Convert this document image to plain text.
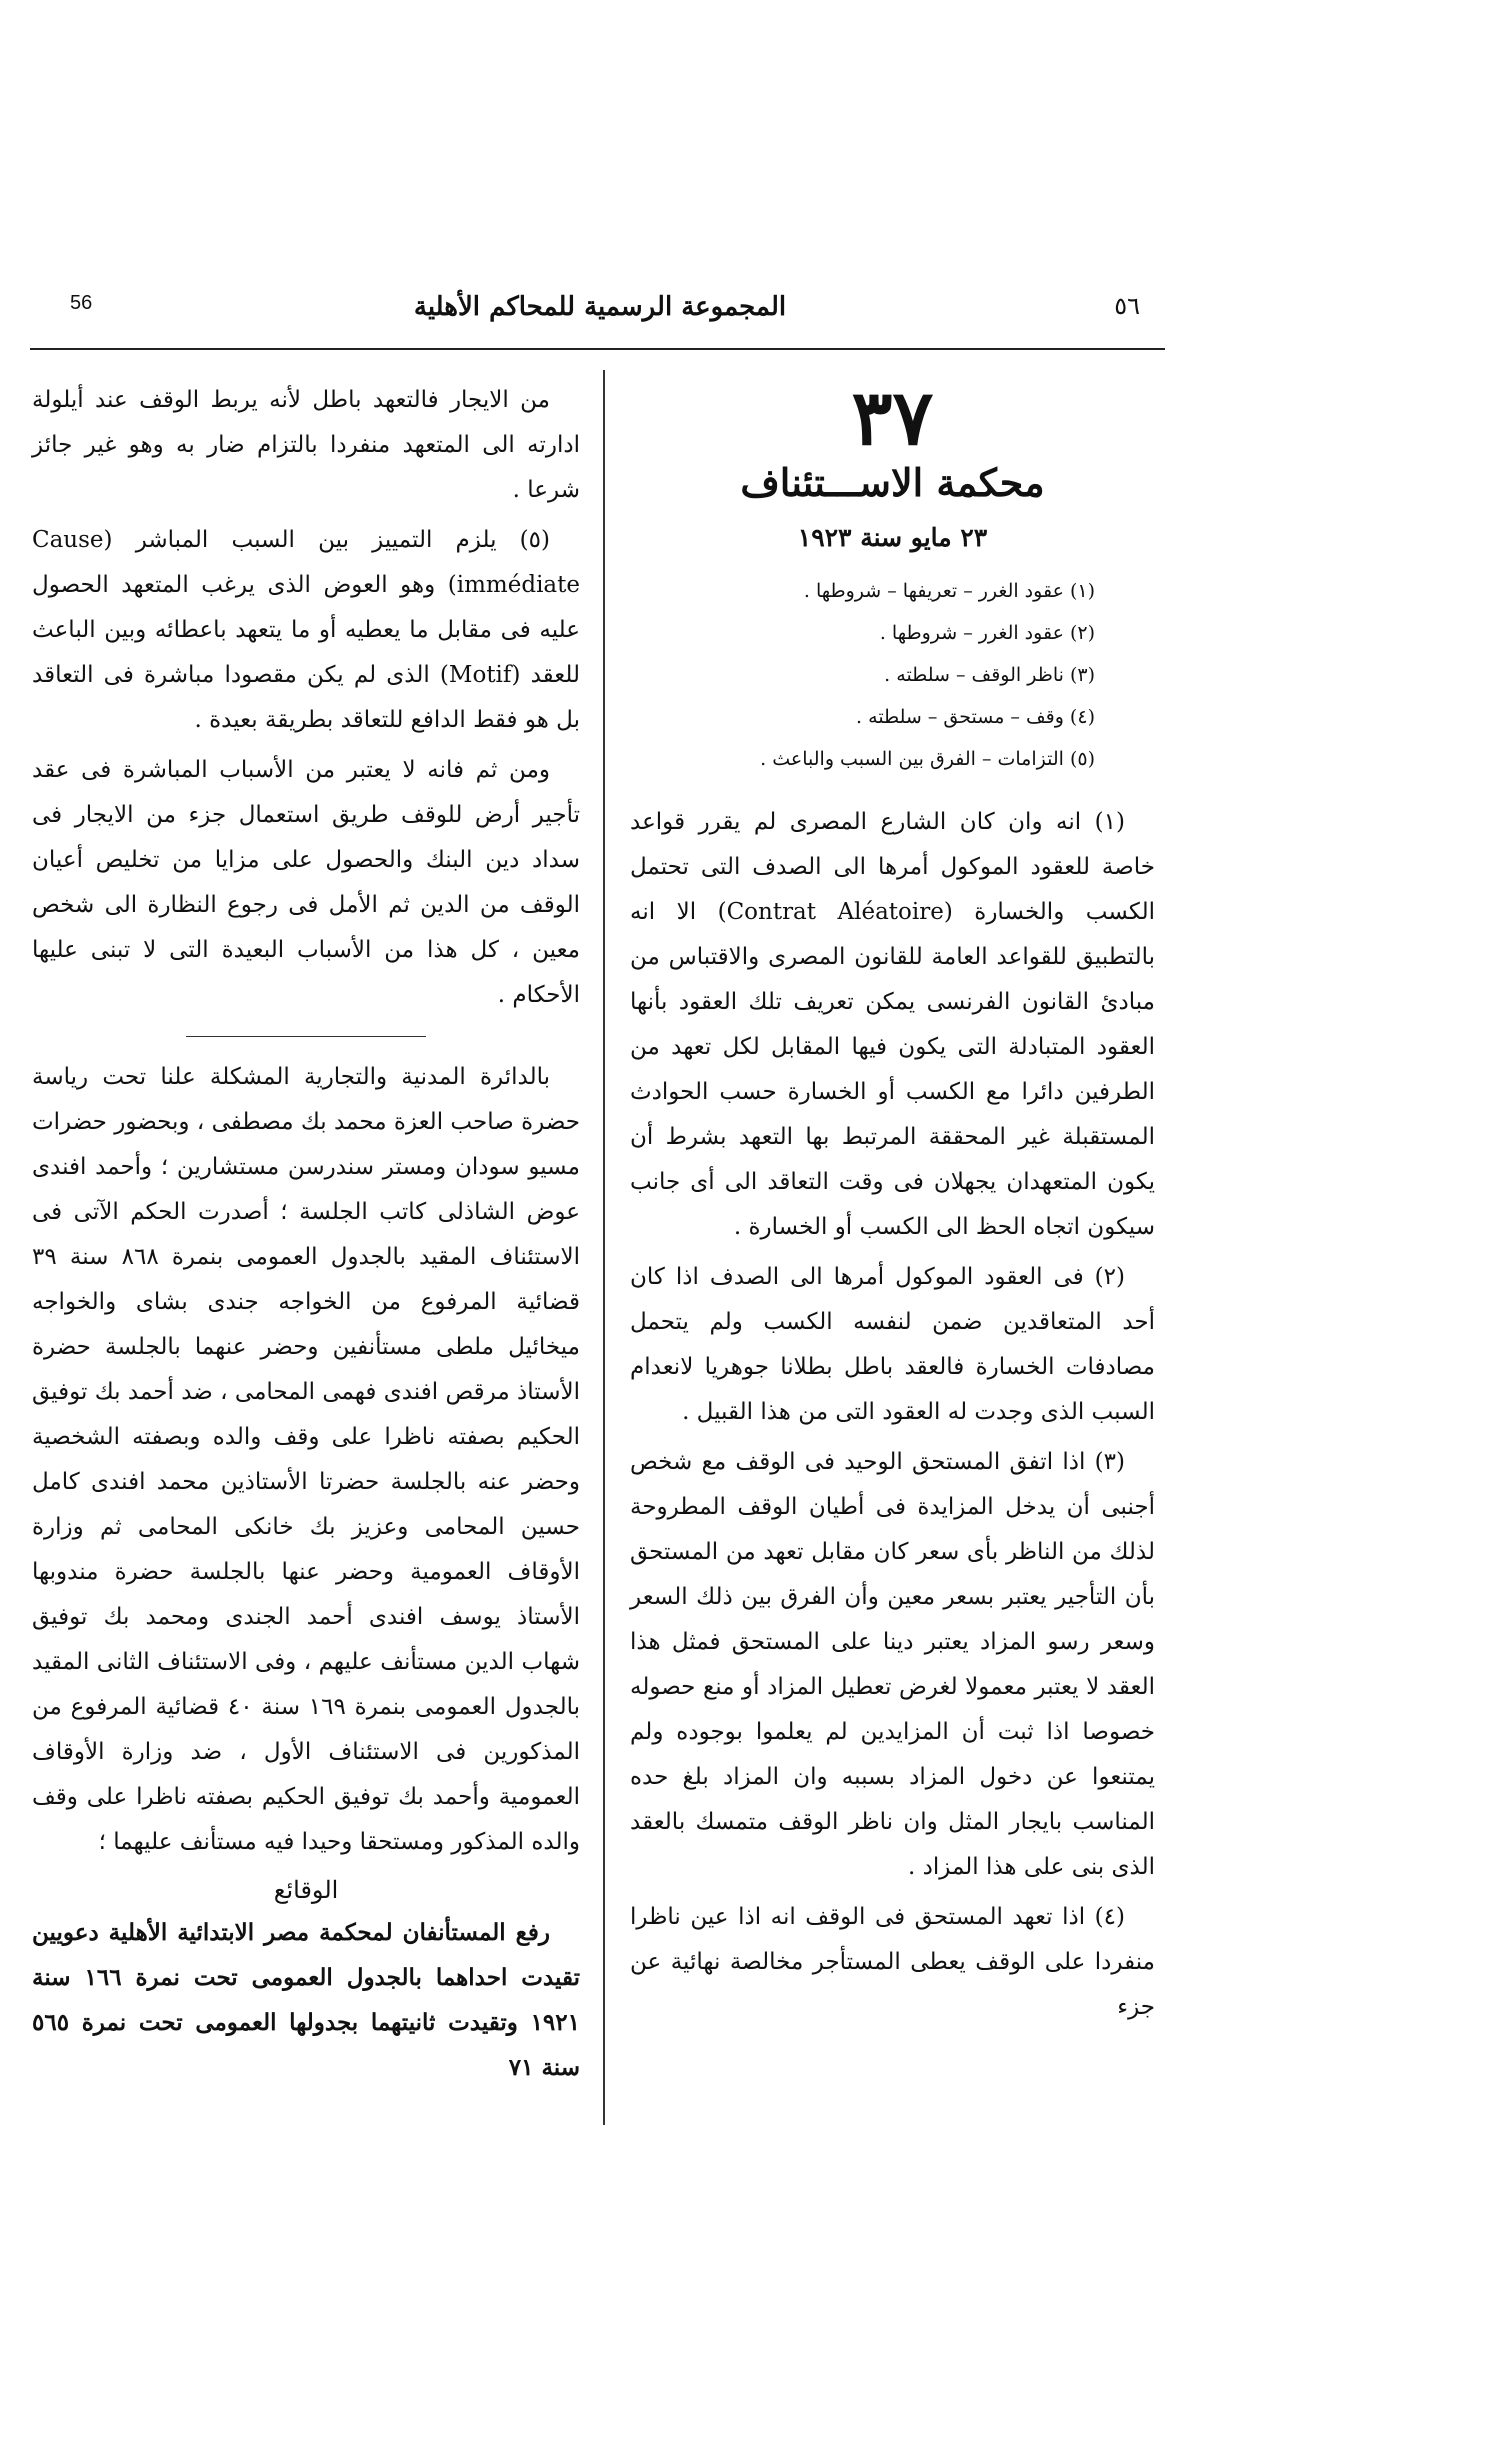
56	المجموعة الرسمية للمحاكم الأهلية	٥٦
٣٧
محكمة الاســـتئناف
٢٣ مايو سنة ١٩٢٣
(١) عقود الغرر – تعريفها – شروطها .
(٢) عقود الغرر – شروطها .
(٣) ناظر الوقف – سلطته .
(٤) وقف – مستحق – سلطته .
(٥) التزامات – الفرق بين السبب والباعث .

(١) انه وان كان الشارع المصرى لم يقرر قواعد خاصة للعقود الموكول أمرها الى الصدف التى تحتمل الكسب والخسارة (Contrat Aléatoire) الا انه بالتطبيق للقواعد العامة للقانون المصرى والاقتباس من مبادئ القانون الفرنسى يمكن تعريف تلك العقود بأنها العقود المتبادلة التى يكون فيها المقابل لكل تعهد من الطرفين دائرا مع الكسب أو الخسارة حسب الحوادث المستقبلة غير المحققة المرتبط بها التعهد بشرط أن يكون المتعهدان يجهلان فى وقت التعاقد الى أى جانب سيكون اتجاه الحظ الى الكسب أو الخسارة .

(٢) فى العقود الموكول أمرها الى الصدف اذا كان أحد المتعاقدين ضمن لنفسه الكسب ولم يتحمل مصادفات الخسارة فالعقد باطل بطلانا جوهريا لانعدام السبب الذى وجدت له العقود التى من هذا القبيل .

(٣) اذا اتفق المستحق الوحيد فى الوقف مع شخص أجنبى أن يدخل المزايدة فى أطيان الوقف المطروحة لذلك من الناظر بأى سعر كان مقابل تعهد من المستحق بأن التأجير يعتبر بسعر معين وأن الفرق بين ذلك السعر وسعر رسو المزاد يعتبر دينا على المستحق فمثل هذا العقد لا يعتبر معمولا لغرض تعطيل المزاد أو منع حصوله خصوصا اذا ثبت أن المزايدين لم يعلموا بوجوده ولم يمتنعوا عن دخول المزاد بسببه وان المزاد بلغ حده المناسب بايجار المثل وان ناظر الوقف متمسك بالعقد الذى بنى على هذا المزاد .

(٤) اذا تعهد المستحق فى الوقف انه اذا عين ناظرا منفردا على الوقف يعطى المستأجر مخالصة نهائية عن جزء

من الايجار فالتعهد باطل لأنه يربط الوقف عند أيلولة ادارته الى المتعهد منفردا بالتزام ضار به وهو غير جائز شرعا .

(٥) يلزم التمييز بين السبب المباشر (Cause immédiate) وهو العوض الذى يرغب المتعهد الحصول عليه فى مقابل ما يعطيه أو ما يتعهد باعطائه وبين الباعث للعقد (Motif) الذى لم يكن مقصودا مباشرة فى التعاقد بل هو فقط الدافع للتعاقد بطريقة بعيدة .

ومن ثم فانه لا يعتبر من الأسباب المباشرة فى عقد تأجير أرض للوقف طريق استعمال جزء من الايجار فى سداد دين البنك والحصول على مزايا من تخليص أعيان الوقف من الدين ثم الأمل فى رجوع النظارة الى شخص معين ، كل هذا من الأسباب البعيدة التى لا تبنى عليها الأحكام .

بالدائرة المدنية والتجارية المشكلة علنا تحت رياسة حضرة صاحب العزة محمد بك مصطفى ، وبحضور حضرات مسيو سودان ومستر سندرسن مستشارين ؛ وأحمد افندى عوض الشاذلى كاتب الجلسة ؛ أصدرت الحكم الآتى فى الاستئناف المقيد بالجدول العمومى بنمرة ٨٦٨ سنة ٣٩ قضائية المرفوع من الخواجه جندى بشاى والخواجه ميخائيل ملطى مستأنفين وحضر عنهما بالجلسة حضرة الأستاذ مرقص افندى فهمى المحامى ، ضد أحمد بك توفيق الحكيم بصفته ناظرا على وقف والده وبصفته الشخصية وحضر عنه بالجلسة حضرتا الأستاذين محمد افندى كامل حسين المحامى وعزيز بك خانكى المحامى ثم وزارة الأوقاف العمومية وحضر عنها بالجلسة حضرة مندوبها الأستاذ يوسف افندى أحمد الجندى ومحمد بك توفيق شهاب الدين مستأنف عليهم ، وفى الاستئناف الثانى المقيد بالجدول العمومى بنمرة ١٦٩ سنة ٤٠ قضائية المرفوع من المذكورين فى الاستئناف الأول ، ضد وزارة الأوقاف العمومية وأحمد بك توفيق الحكيم بصفته ناظرا على وقف والده المذكور ومستحقا وحيدا فيه مستأنف عليهما ؛

الوقائع

رفع المستأنفان لمحكمة مصر الابتدائية الأهلية دعويين تقيدت احداهما بالجدول العمومى تحت نمرة ١٦٦ سنة ١٩٢١ وتقيدت ثانيتهما بجدولها العمومى تحت نمرة ٥٦٥ سنة ٧١
